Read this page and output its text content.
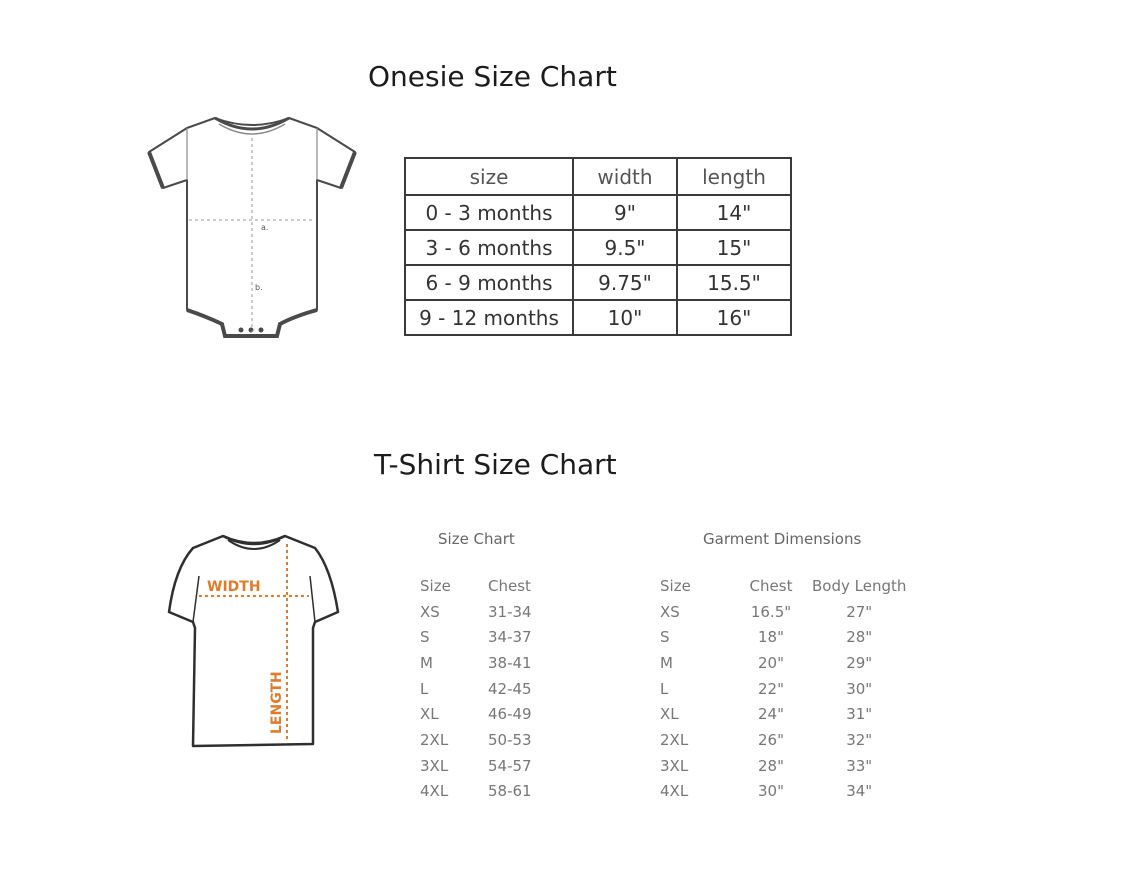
Onesie Size Chart
a.
b.
size	width	length
0 - 3 months	9"	14"
3 - 6 months	9.5"	15"
6 - 9 months	9.75"	15.5"
9 - 12 months	10"	16"
T-Shirt Size Chart
WIDTH
LENGTH
Size Chart
Size	Chest
XS	31-34
S	34-37
M	38-41
L	42-45
XL	46-49
2XL	50-53
3XL	54-57
4XL	58-61
Garment Dimensions
Size	Chest	Body Length
XS	16.5"	27"
S	18"	28"
M	20"	29"
L	22"	30"
XL	24"	31"
2XL	26"	32"
3XL	28"	33"
4XL	30"	34"
